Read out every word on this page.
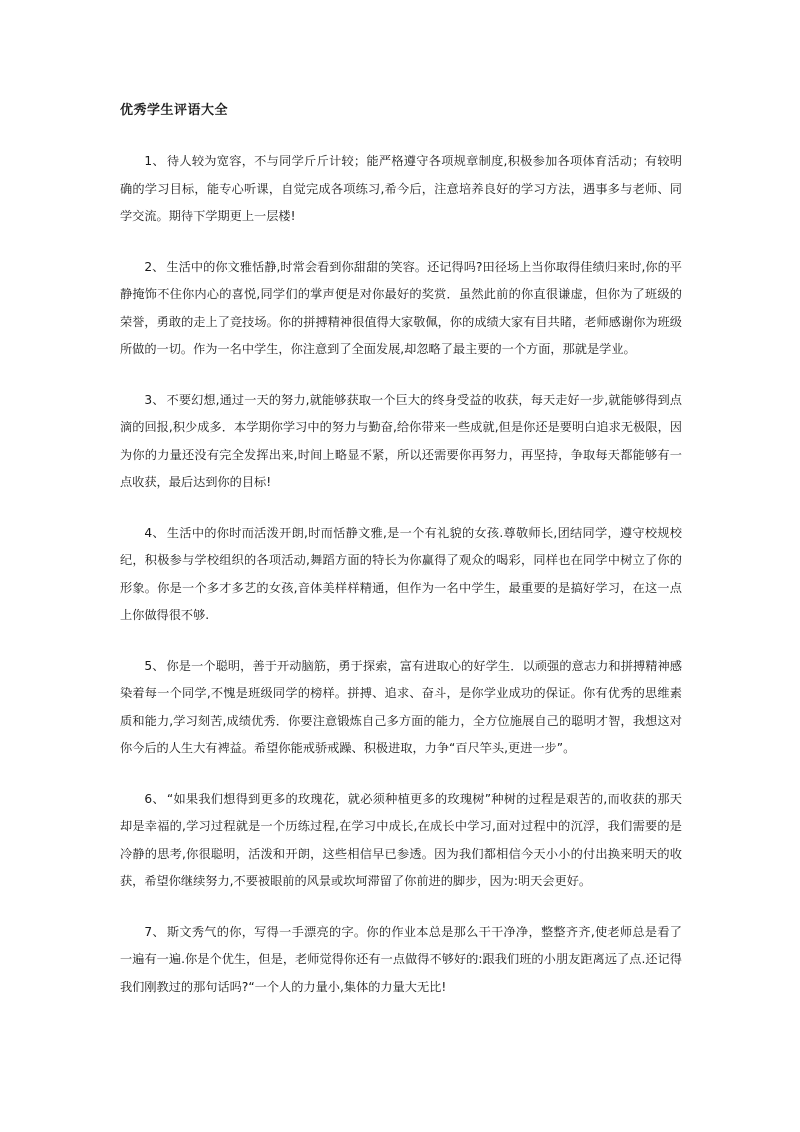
优秀学生评语大全

1、 待人较为宽容，不与同学斤斤计较；能严格遵守各项规章制度,积极参加各项体育活动；有较明确的学习目标，能专心听课，自觉完成各项练习,希今后，注意培养良好的学习方法，遇事多与老师、同学交流。期待下学期更上一层楼!

2、 生活中的你文雅恬静,时常会看到你甜甜的笑容。还记得吗?田径场上当你取得佳绩归来时,你的平静掩饰不住你内心的喜悦,同学们的掌声便是对你最好的奖赏．虽然此前的你直很谦虚，但你为了班级的荣誉，勇敢的走上了竞技场。你的拼搏精神很值得大家敬佩，你的成绩大家有目共睹，老师感谢你为班级所做的一切。作为一名中学生，你注意到了全面发展,却忽略了最主要的一个方面，那就是学业。

3、 不要幻想,通过一天的努力,就能够获取一个巨大的终身受益的收获，每天走好一步,就能够得到点滴的回报,积少成多．本学期你学习中的努力与勤奋,给你带来一些成就,但是你还是要明白追求无极限，因为你的力量还没有完全发挥出来,时间上略显不紧，所以还需要你再努力，再坚持，争取每天都能够有一点收获，最后达到你的目标!

4、 生活中的你时而活泼开朗,时而恬静文雅,是一个有礼貌的女孩.尊敬师长,团结同学，遵守校规校纪，积极参与学校组织的各项活动,舞蹈方面的特长为你赢得了观众的喝彩，同样也在同学中树立了你的形象。你是一个多才多艺的女孩,音体美样样精通，但作为一名中学生，最重要的是搞好学习，在这一点上你做得很不够.

5、 你是一个聪明，善于开动脑筋，勇于探索，富有进取心的好学生．以顽强的意志力和拼搏精神感染着每一个同学,不愧是班级同学的榜样。拼搏、追求、奋斗，是你学业成功的保证。你有优秀的思维素质和能力,学习刻苦,成绩优秀．你要注意锻炼自己多方面的能力，全方位施展自己的聪明才智，我想这对你今后的人生大有裨益。希望你能戒骄戒躁、积极进取，力争“百尺竿头,更进一步”。

6、 “如果我们想得到更多的玫瑰花，就必须种植更多的玫瑰树”种树的过程是艰苦的,而收获的那天却是幸福的,学习过程就是一个历练过程,在学习中成长,在成长中学习,面对过程中的沉浮，我们需要的是冷静的思考,你很聪明，活泼和开朗，这些相信早已参透。因为我们都相信今天小小的付出换来明天的收获，希望你继续努力,不要被眼前的风景或坎坷滞留了你前进的脚步，因为:明天会更好。

7、 斯文秀气的你，写得一手漂亮的字。你的作业本总是那么干干净净，整整齐齐,使老师总是看了一遍有一遍.你是个优生，但是，老师觉得你还有一点做得不够好的:跟我们班的小朋友距离远了点.还记得我们刚教过的那句话吗?“一个人的力量小,集体的力量大无比!
